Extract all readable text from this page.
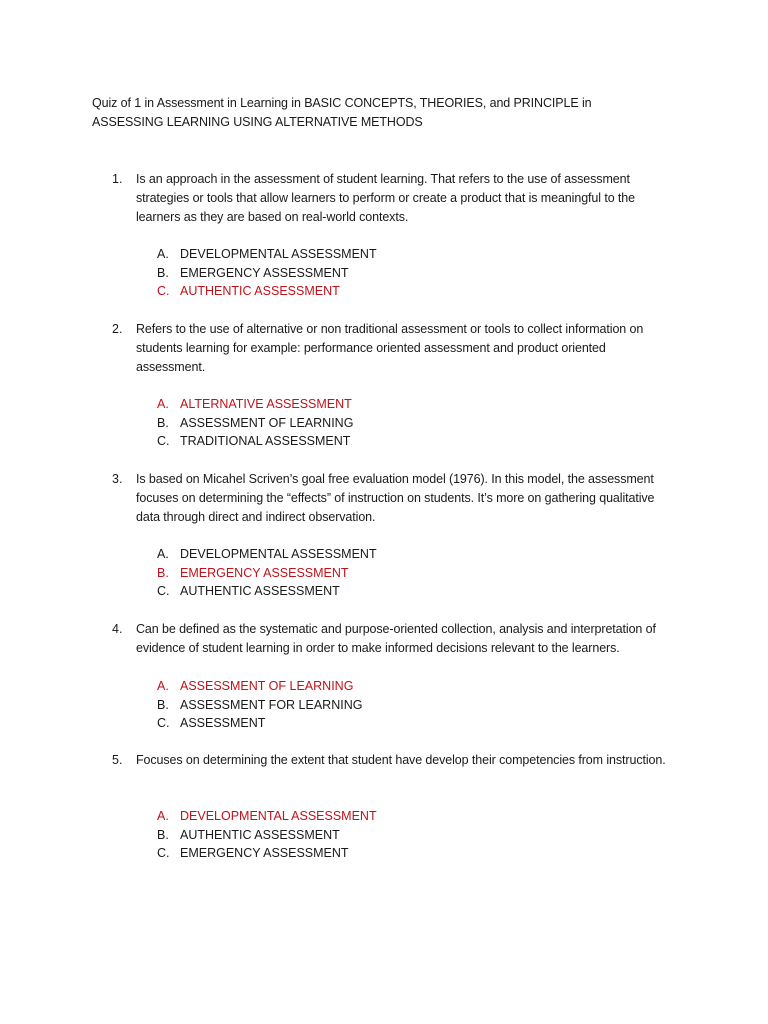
Quiz of 1 in Assessment in Learning in BASIC CONCEPTS, THEORIES, and PRINCIPLE in ASSESSING LEARNING USING ALTERNATIVE METHODS
1. Is an approach in the assessment of student learning. That refers to the use of assessment strategies or tools that allow learners to perform or create a product that is meaningful to the learners as they are based on real-world contexts.
A. DEVELOPMENTAL ASSESSMENT
B. EMERGENCY ASSESSMENT
C. AUTHENTIC ASSESSMENT
2. Refers to the use of alternative or non traditional assessment or tools to collect information on students learning for example: performance oriented assessment and product oriented assessment.
A. ALTERNATIVE ASSESSMENT
B. ASSESSMENT OF LEARNING
C. TRADITIONAL ASSESSMENT
3. Is based on Micahel Scriven’s goal free evaluation model (1976). In this model, the assessment focuses on determining the “effects” of instruction on students. It’s more on gathering qualitative data through direct and indirect observation.
A. DEVELOPMENTAL ASSESSMENT
B. EMERGENCY ASSESSMENT
C. AUTHENTIC ASSESSMENT
4. Can be defined as the systematic and purpose-oriented collection, analysis and interpretation of evidence of student learning in order to make informed decisions relevant to the learners.
A. ASSESSMENT OF LEARNING
B. ASSESSMENT FOR LEARNING
C. ASSESSMENT
5. Focuses on determining the extent that student have develop their competencies from instruction.
A. DEVELOPMENTAL ASSESSMENT
B. AUTHENTIC ASSESSMENT
C. EMERGENCY ASSESSMENT
